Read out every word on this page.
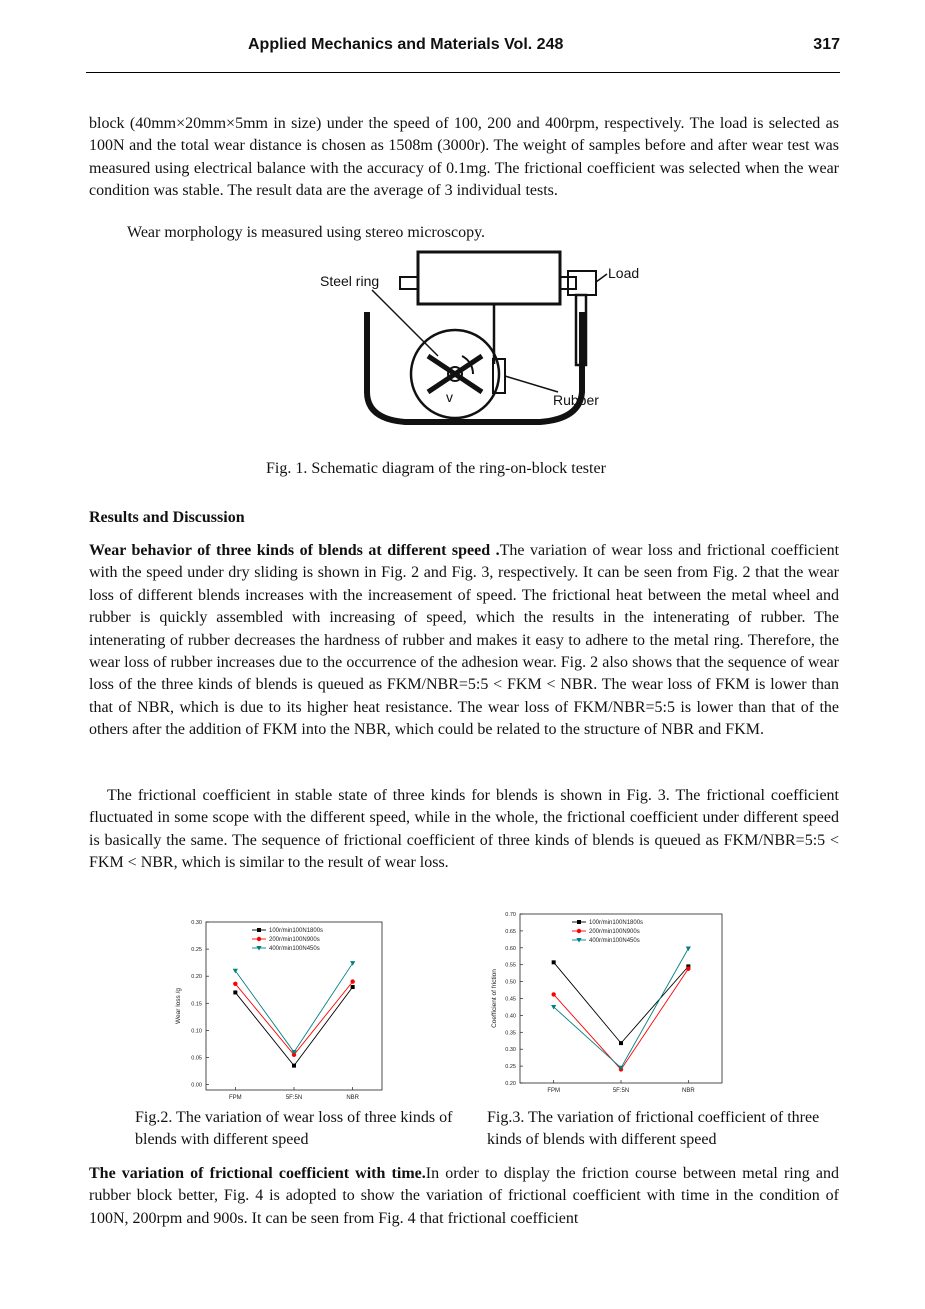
Applied Mechanics and Materials Vol. 248	317

block (40mm×20mm×5mm in size) under the speed of 100, 200 and 400rpm, respectively. The load is selected as 100N and the total wear distance is chosen as 1508m (3000r). The weight of samples before and after wear test was measured using electrical balance with the accuracy of 0.1mg. The frictional coefficient was selected when the wear condition was stable. The result data are the average of 3 individual tests.

Wear morphology is measured using stereo microscopy.

Steel ring	Load
Rubber
v

Fig. 1. Schematic diagram of the ring-on-block tester

Results and Discussion

Wear behavior of three kinds of blends at different speed .The variation of wear loss and frictional coefficient with the speed under dry sliding is shown in Fig. 2 and Fig. 3, respectively. It can be seen from Fig. 2 that the wear loss of different blends increases with the increasement of speed. The frictional heat between the metal wheel and rubber is quickly assembled with increasing of speed, which the results in the intenerating of rubber. The intenerating of rubber decreases the hardness of rubber and makes it easy to adhere to the metal ring. Therefore, the wear loss of rubber increases due to the occurrence of the adhesion wear. Fig. 2 also shows that the sequence of wear loss of the three kinds of blends is queued as FKM/NBR=5:5 < FKM < NBR. The wear loss of FKM is lower than that of NBR, which is due to its higher heat resistance. The wear loss of FKM/NBR=5:5 is lower than that of the others after the addition of FKM into the NBR, which could be related to the structure of NBR and FKM.

The frictional coefficient in stable state of three kinds for blends is shown in Fig. 3. The frictional coefficient fluctuated in some scope with the different speed, while in the whole, the frictional coefficient under different speed is basically the same. The sequence of frictional coefficient of three kinds of blends is queued as FKM/NBR=5:5 < FKM < NBR, which is similar to the result of wear loss.

0.00
0.05
0.10
0.15
0.20
0.25
0.30
FPM	5F:5N	NBR
Wear loss /g
100r/min100N1800s
200r/min100N900s
400r/min100N450s
0.20
0.25
0.30
0.35
0.40
0.45
0.50
0.55
0.60
0.65
0.70
FPM	5F:5N	NBR
Coefficient of friction
100r/min100N1800s
200r/min100N900s
400r/min100N450s

Fig.2. The variation of wear loss of three kinds of blends with different speed

Fig.3. The variation of frictional coefficient of three kinds of blends with different speed

The variation of frictional coefficient with time.In order to display the friction course between metal ring and rubber block better, Fig. 4 is adopted to show the variation of frictional coefficient with time in the condition of 100N, 200rpm and 900s. It can be seen from Fig. 4 that frictional coefficient
